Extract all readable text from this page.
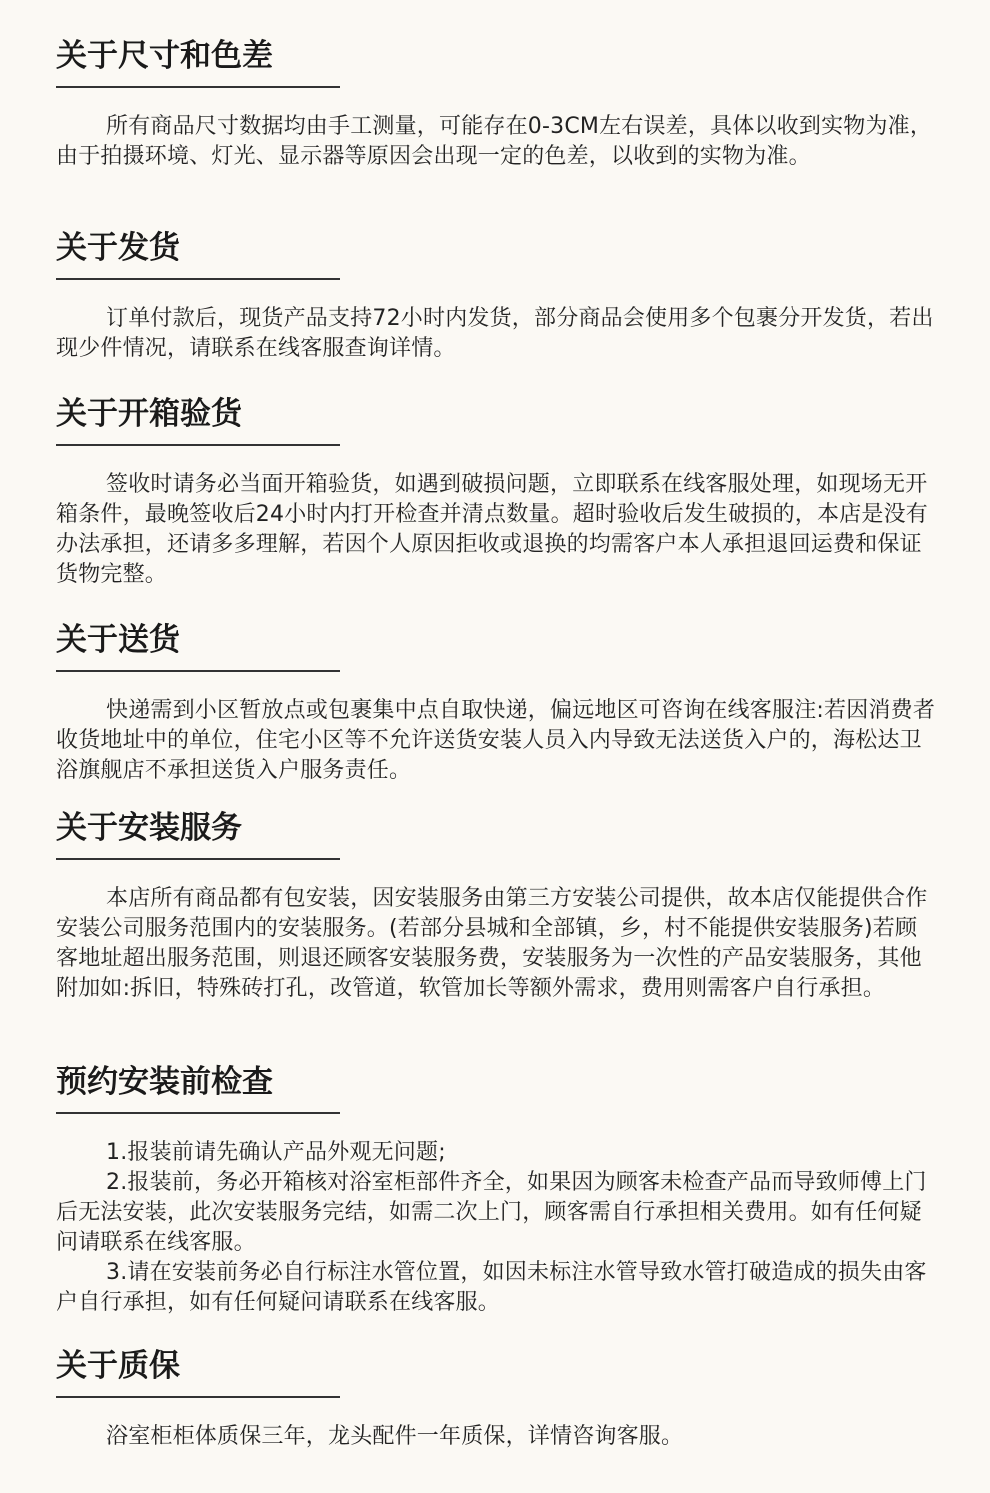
关于尺寸和色差

所有商品尺寸数据均由手工测量，可能存在0-3CM左右误差，具体以收到实物为准，由于拍摄环境、灯光、显示器等原因会出现一定的色差，以收到的实物为准。

关于发货

订单付款后，现货产品支持72小时内发货，部分商品会使用多个包裹分开发货，若出现少件情况，请联系在线客服查询详情。

关于开箱验货

签收时请务必当面开箱验货，如遇到破损问题，立即联系在线客服处理，如现场无开箱条件，最晚签收后24小时内打开检查并清点数量。超时验收后发生破损的，本店是没有办法承担，还请多多理解，若因个人原因拒收或退换的均需客户本人承担退回运费和保证货物完整。

关于送货

快递需到小区暂放点或包裹集中点自取快递，偏远地区可咨询在线客服注:若因消费者收货地址中的单位，住宅小区等不允许送货安装人员入内导致无法送货入户的，海松达卫浴旗舰店不承担送货入户服务责任。

关于安装服务

本店所有商品都有包安装，因安装服务由第三方安装公司提供，故本店仅能提供合作安装公司服务范围内的安装服务。(若部分县城和全部镇，乡，村不能提供安装服务)若顾客地址超出服务范围，则退还顾客安装服务费，安装服务为一次性的产品安装服务，其他附加如:拆旧，特殊砖打孔，改管道，软管加长等额外需求，费用则需客户自行承担。

预约安装前检查

1.报装前请先确认产品外观无问题;

2.报装前，务必开箱核对浴室柜部件齐全，如果因为顾客未检查产品而导致师傅上门后无法安装，此次安装服务完结，如需二次上门，顾客需自行承担相关费用。如有任何疑问请联系在线客服。

3.请在安装前务必自行标注水管位置，如因未标注水管导致水管打破造成的损失由客户自行承担，如有任何疑问请联系在线客服。

关于质保

浴室柜柜体质保三年，龙头配件一年质保，详情咨询客服。
